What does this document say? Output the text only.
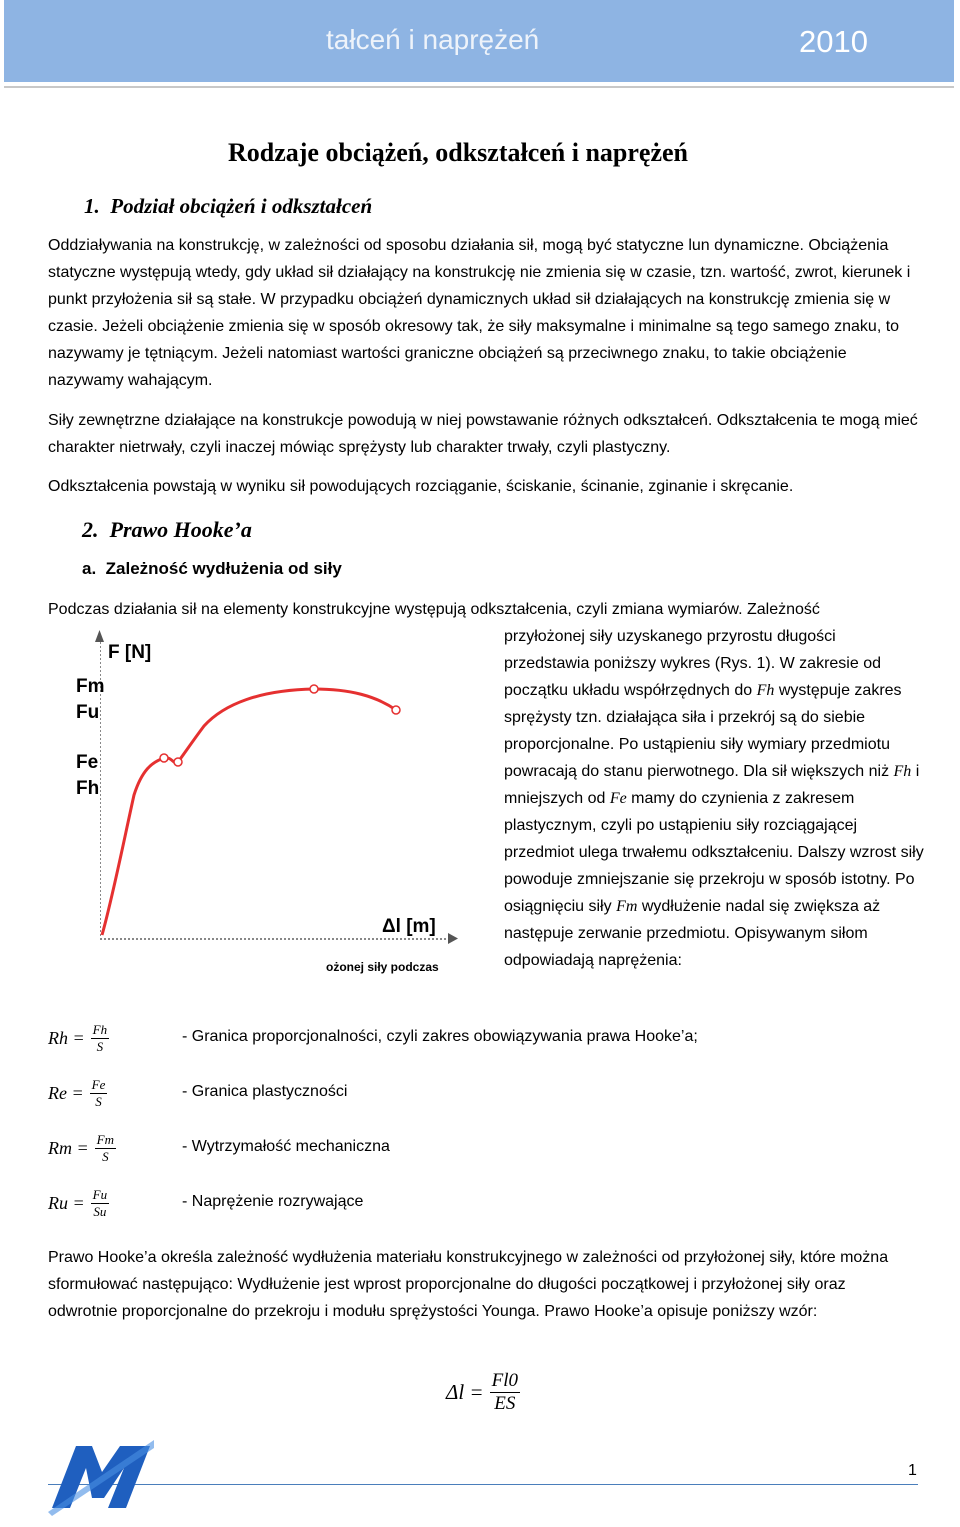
tałceń i naprężeń	2010
Rodzaje obciążeń, odkształceń i naprężeń
1. Podział obciążeń i odkształceń
Oddziaływania na konstrukcję, w zależności od sposobu działania sił, mogą być statyczne lun dynamiczne. Obciążenia statyczne występują wtedy, gdy układ sił działający na konstrukcję nie zmienia się w czasie, tzn. wartość, zwrot, kierunek i punkt przyłożenia sił są stałe. W przypadku obciążeń dynamicznych układ sił działających na konstrukcję zmienia się w czasie. Jeżeli obciążenie zmienia się w sposób okresowy tak, że siły maksymalne i minimalne są tego samego znaku, to nazywamy je tętniącym. Jeżeli natomiast wartości graniczne obciążeń są przeciwnego znaku, to takie obciążenie nazywamy wahającym.
Siły zewnętrzne działające na konstrukcje powodują w niej powstawanie różnych odkształceń. Odkształcenia te mogą mieć charakter nietrwały, czyli inaczej mówiąc sprężysty lub charakter trwały, czyli plastyczny.
Odkształcenia powstają w wyniku sił powodujących rozciąganie, ściskanie, ścinanie, zginanie i skręcanie.
2. Prawo Hooke’a
a. Zależność wydłużenia od siły
Podczas działania sił na elementy konstrukcyjne występują odkształcenia, czyli zmiana wymiarów. Zależność
przyłożonej siły uzyskanego przyrostu długości przedstawia poniższy wykres (Rys. 1). W zakresie od początku układu współrzędnych do Fh występuje zakres sprężysty tzn. działająca siła i przekrój są do siebie proporcjonalne. Po ustąpieniu siły wymiary przedmiotu powracają do stanu pierwotnego. Dla sił większych niż Fh i mniejszych od Fe mamy do czynienia z zakresem plastycznym, czyli po ustąpieniu siły rozciągającej przedmiot ulega trwałemu odkształceniu. Dalszy wzrost siły powoduje zmniejszanie się przekroju w sposób istotny. Po osiągnięciu siły Fm wydłużenie nadal się zwiększa aż następuje zerwanie przedmiotu. Opisywanym siłom odpowiadają naprężenia:
F [N]
Δl [m]
Fm
Fu
Fe
Fh
ożonej siły podczas
$Rh = \frac{Fh}{S}$	- Granica proporcjonalności, czyli zakres obowiązywania prawa Hooke’a;
$Re = \frac{Fe}{S}$	- Granica plastyczności
$Rm = \frac{Fm}{S}$	- Wytrzymałość mechaniczna
$Ru = \frac{Fu}{Su}$	- Naprężenie rozrywające
Prawo Hooke’a określa zależność wydłużenia materiału konstrukcyjnego w zależności od przyłożonej siły, które można sformułować następująco: Wydłużenie jest wprost proporcjonalne do długości początkowej i przyłożonej siły oraz odwrotnie proporcjonalne do przekroju i modułu sprężystości Younga. Prawo Hooke’a opisuje poniższy wzór:
$\Delta l = \frac{Fl0}{ES}$
1
